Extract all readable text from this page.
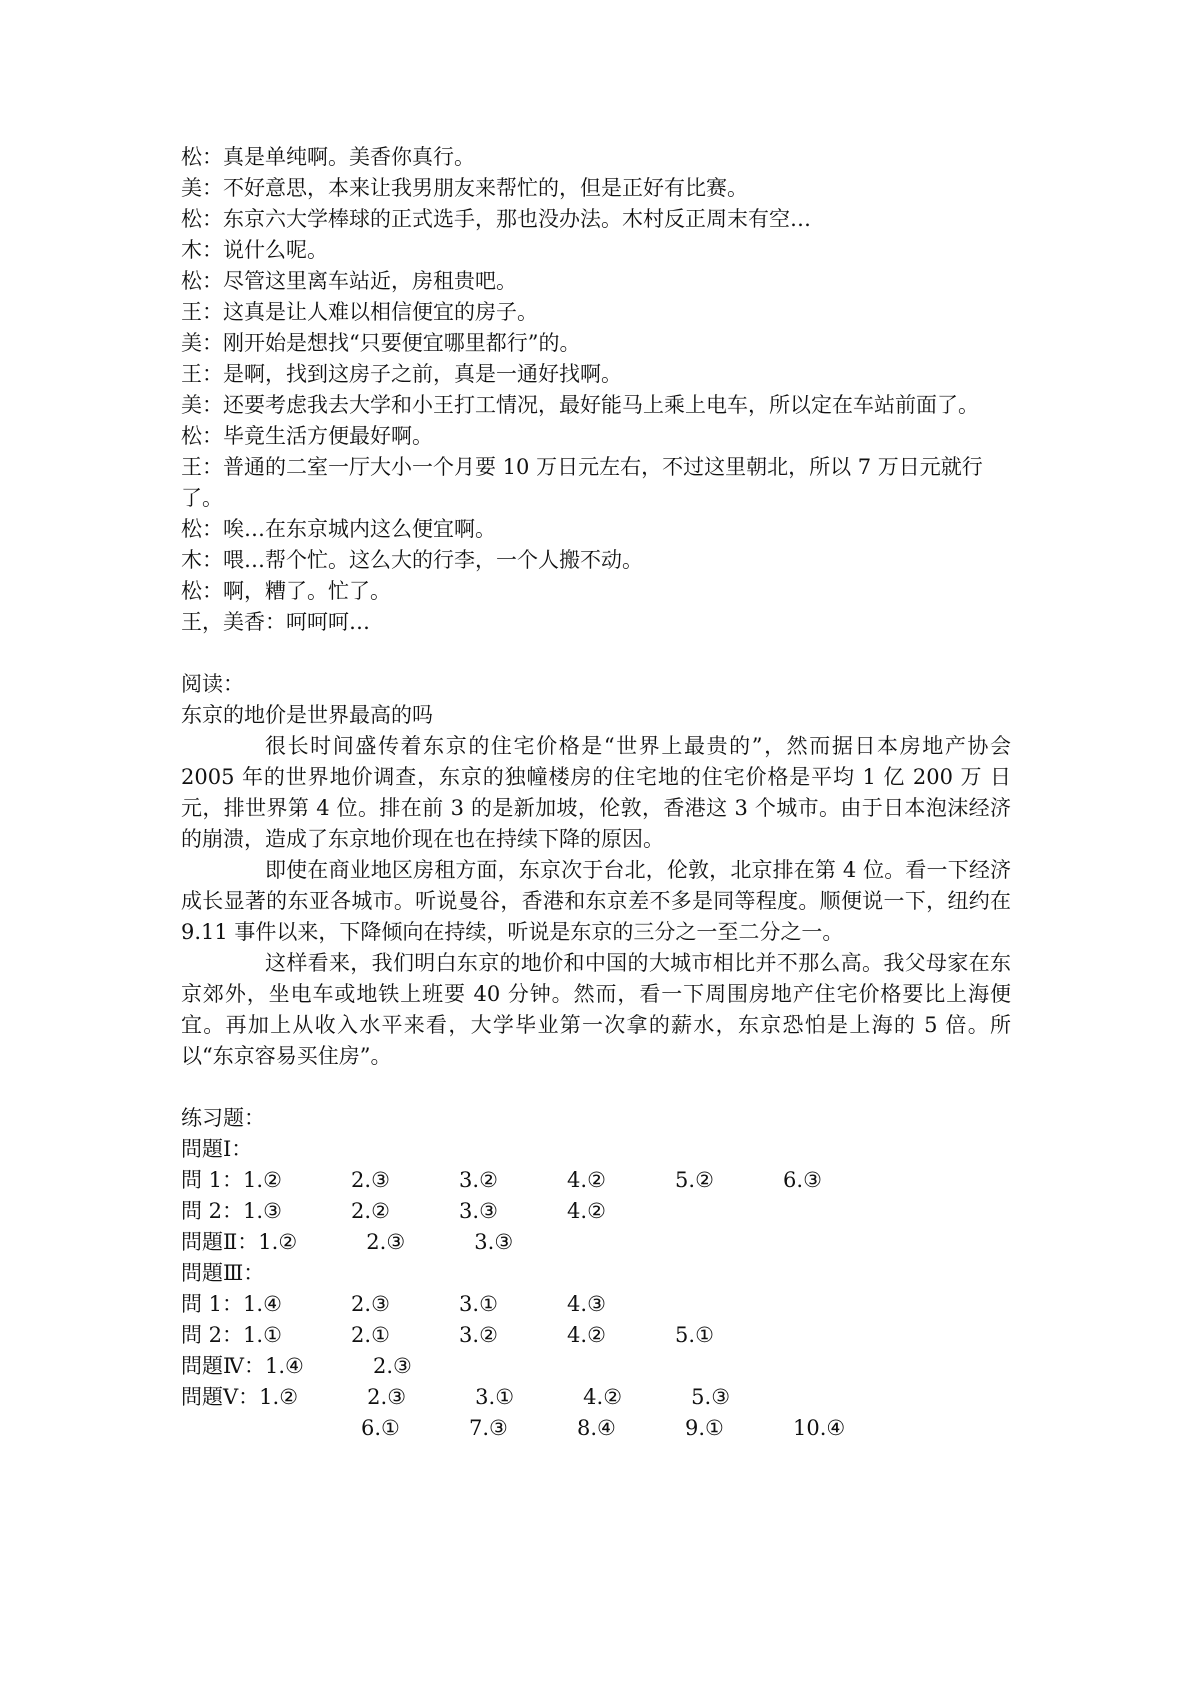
松：真是单纯啊。美香你真行。

美：不好意思，本来让我男朋友来帮忙的，但是正好有比赛。

松：东京六大学棒球的正式选手，那也没办法。木村反正周末有空…

木：说什么呢。

松：尽管这里离车站近，房租贵吧。

王：这真是让人难以相信便宜的房子。

美：刚开始是想找“只要便宜哪里都行”的。

王：是啊，找到这房子之前，真是一通好找啊。

美：还要考虑我去大学和小王打工情况，最好能马上乘上电车，所以定在车站前面了。

松：毕竟生活方便最好啊。

王：普通的二室一厅大小一个月要 10 万日元左右，不过这里朝北，所以 7 万日元就行了。

松：唉…在东京城内这么便宜啊。

木：喂…帮个忙。这么大的行李，一个人搬不动。

松：啊，糟了。忙了。

王，美香：呵呵呵…

阅读：

东京的地价是世界最高的吗

很长时间盛传着东京的住宅价格是“世界上最贵的”，然而据日本房地产协会 2005 年的世界地价调查，东京的独幢楼房的住宅地的住宅价格是平均 1 亿 200 万 日元，排世界第 4 位。排在前 3 的是新加坡，伦敦，香港这 3 个城市。由于日本泡沫经济的崩溃，造成了东京地价现在也在持续下降的原因。

即使在商业地区房租方面，东京次于台北，伦敦，北京排在第 4 位。看一下经济成长显著的东亚各城市。听说曼谷，香港和东京差不多是同等程度。顺便说一下，纽约在 9.11 事件以来，下降倾向在持续，听说是东京的三分之一至二分之一。

这样看来，我们明白东京的地价和中国的大城市相比并不那么高。我父母家在东京郊外，坐电车或地铁上班要 40 分钟。然而，看一下周围房地产住宅价格要比上海便宜。再加上从收入水平来看，大学毕业第一次拿的薪水，东京恐怕是上海的 5 倍。所以“东京容易买住房”。

练习题：

問題Ⅰ：

問 1： 1.②	2.③	3.②	4.②	5.②	6.③
問 2： 1.③	2.②	3.③	4.②
問題Ⅱ： 1.②	2.③	3.③

問題Ⅲ：

問 1： 1.④	2.③	3.①	4.③
問 2： 1.①	2.①	3.②	4.②	5.①
問題Ⅳ： 1.④	2.③
問題Ⅴ： 1.②	2.③	3.①	4.②	5.③
6.①	7.③	8.④	9.①	10.④
